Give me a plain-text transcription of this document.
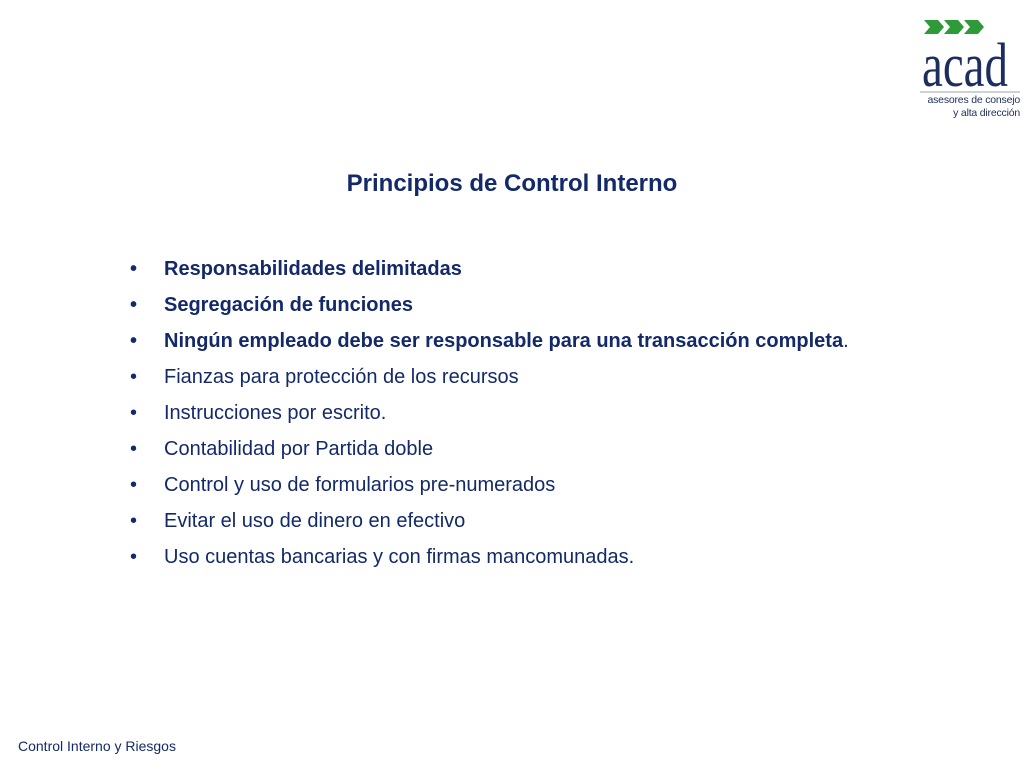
acad
asesores de consejo
y alta dirección
Principios de Control Interno
• Responsabilidades delimitadas
• Segregación de funciones
• Ningún empleado debe ser responsable para una transacción completa.
• Fianzas para protección de los recursos
• Instrucciones por escrito.
• Contabilidad por Partida doble
• Control y uso de formularios pre-numerados
• Evitar el uso de dinero en efectivo
• Uso cuentas bancarias y con firmas mancomunadas.
Control Interno y Riesgos
